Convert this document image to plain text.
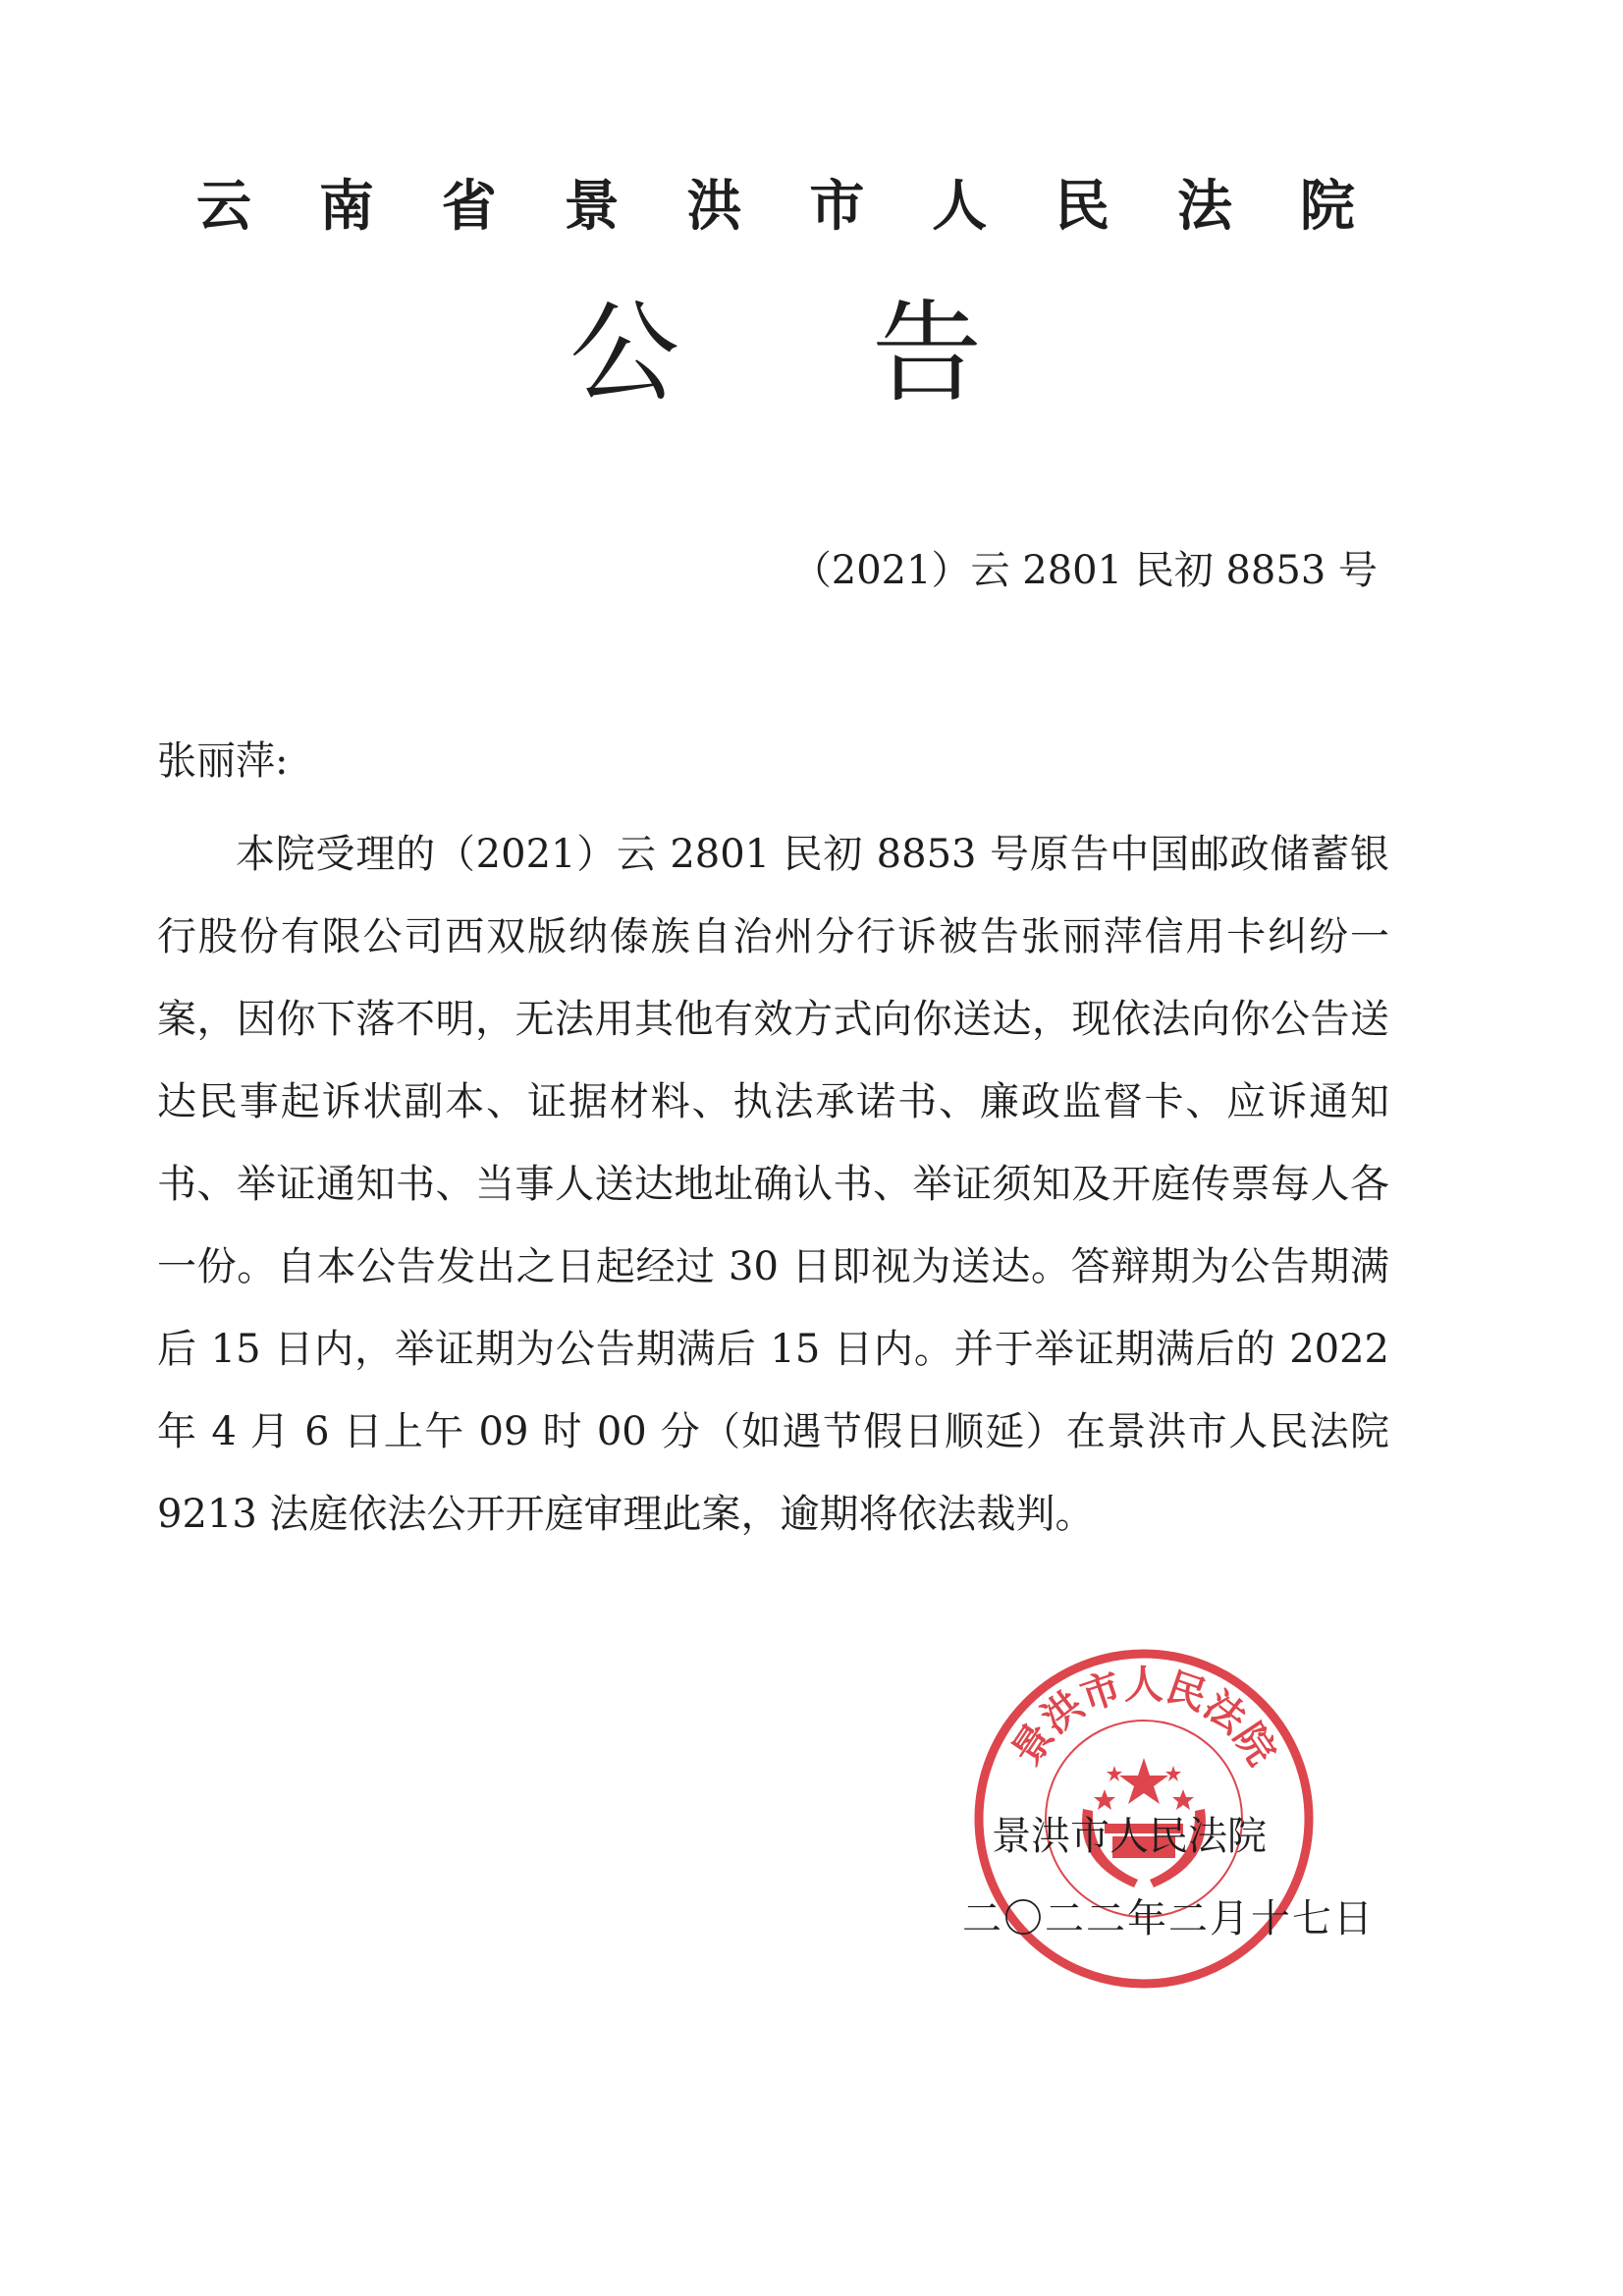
云 南 省 景 洪 市 人 民 法 院
公 告
（2021）云 2801 民初 8853 号
张丽萍:

本院受理的（2021）云 2801 民初 8853 号原告中国邮政储蓄银行股份有限公司西双版纳傣族自治州分行诉被告张丽萍信用卡纠纷一案，因你下落不明，无法用其他有效方式向你送达，现依法向你公告送达民事起诉状副本、证据材料、执法承诺书、廉政监督卡、应诉通知书、举证通知书、当事人送达地址确认书、举证须知及开庭传票每人各一份。自本公告发出之日起经过 30 日即视为送达。答辩期为公告期满后 15 日内，举证期为公告期满后 15 日内。并于举证期满后的 2022 年 4 月 6 日上午 09 时 00 分（如遇节假日顺延）在景洪市人民法院 9213 法庭依法公开开庭审理此案，逾期将依法裁判。

景洪市人民法院
景洪市人民法院
二〇二二年二月十七日
